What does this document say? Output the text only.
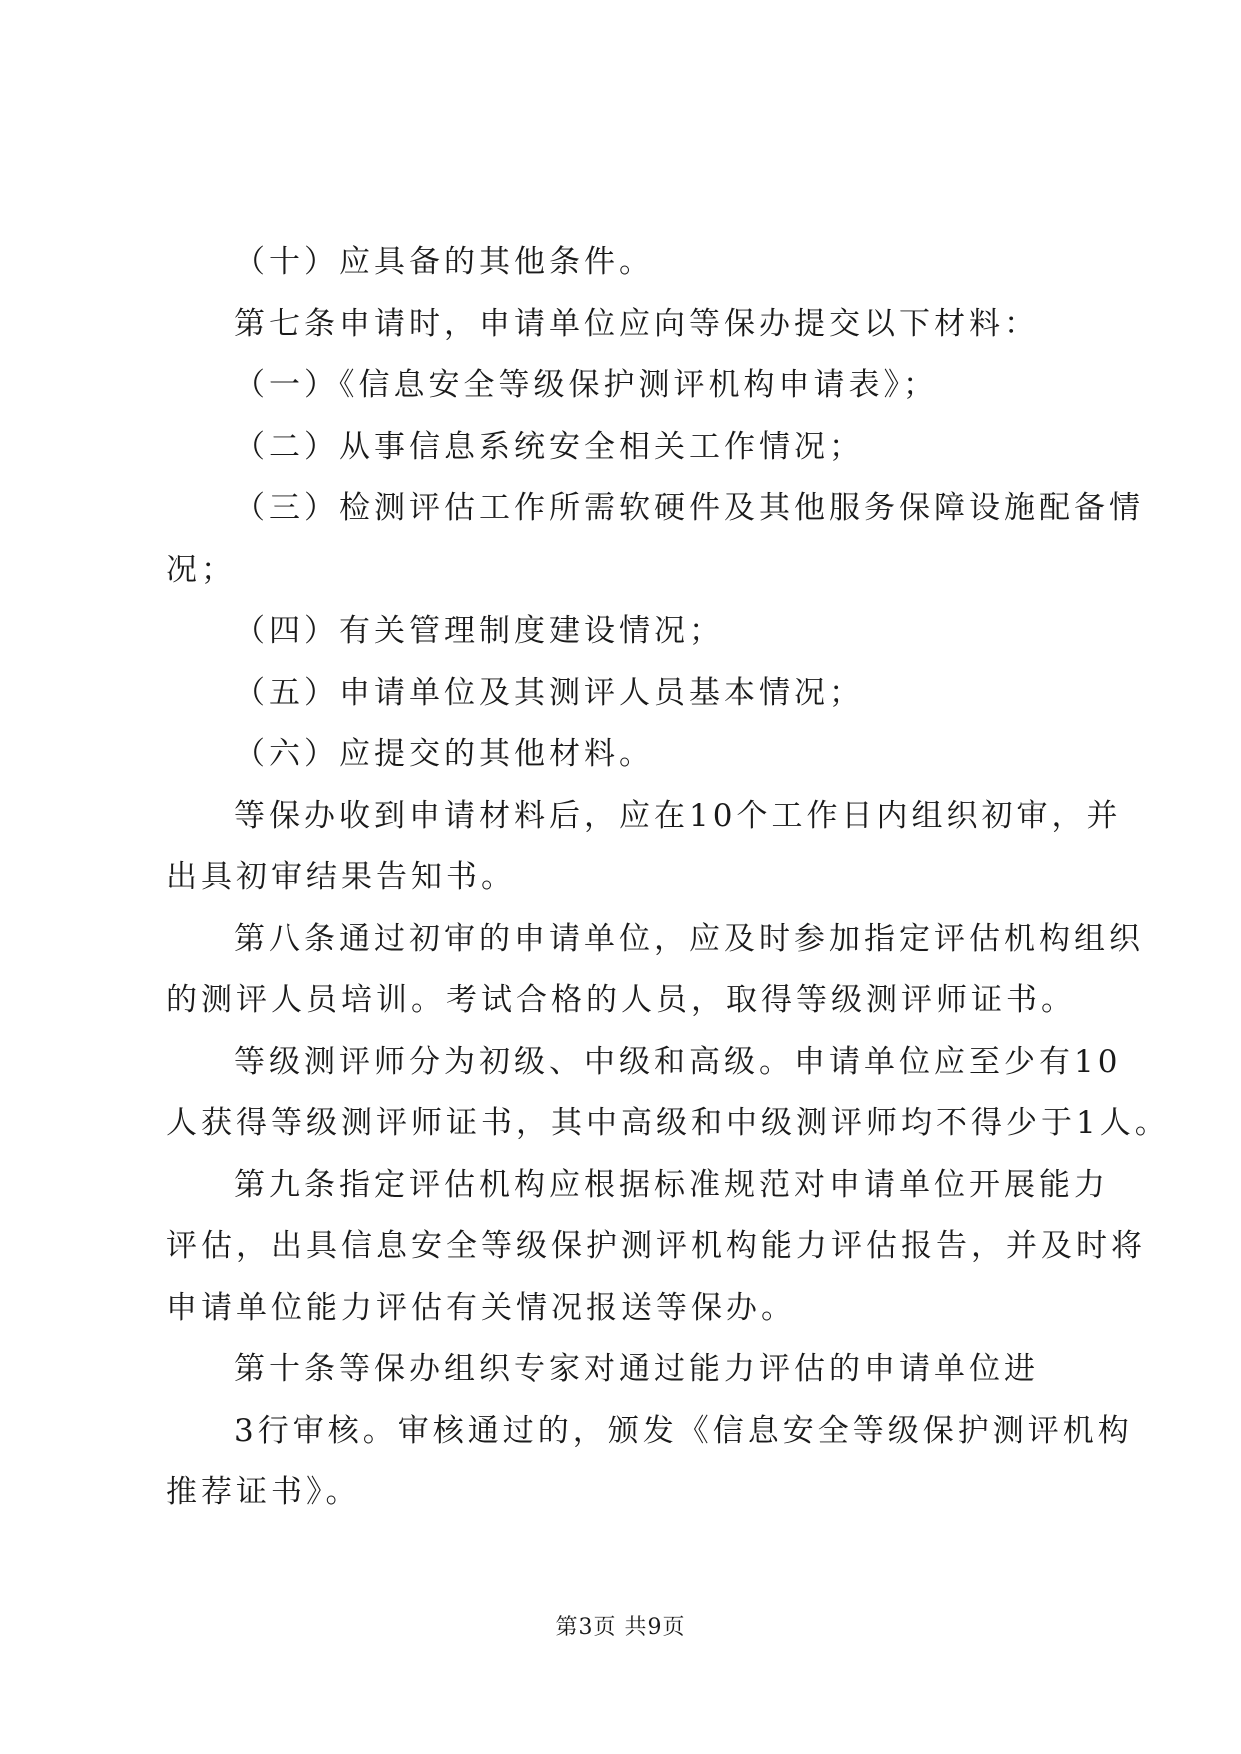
（十）应具备的其他条件。
第七条申请时，申请单位应向等保办提交以下材料：
（一）《信息安全等级保护测评机构申请表》；
（二）从事信息系统安全相关工作情况；
（三）检测评估工作所需软硬件及其他服务保障设施配备情
况；
（四）有关管理制度建设情况；
（五）申请单位及其测评人员基本情况；
（六）应提交的其他材料。
等保办收到申请材料后，应在10个工作日内组织初审，并
出具初审结果告知书。
第八条通过初审的申请单位，应及时参加指定评估机构组织
的测评人员培训。考试合格的人员，取得等级测评师证书。
等级测评师分为初级、中级和高级。申请单位应至少有10
人获得等级测评师证书，其中高级和中级测评师均不得少于1人。
第九条指定评估机构应根据标准规范对申请单位开展能力
评估，出具信息安全等级保护测评机构能力评估报告，并及时将
申请单位能力评估有关情况报送等保办。
第十条等保办组织专家对通过能力评估的申请单位进
3行审核。审核通过的，颁发《信息安全等级保护测评机构
推荐证书》。
第3页 共9页
